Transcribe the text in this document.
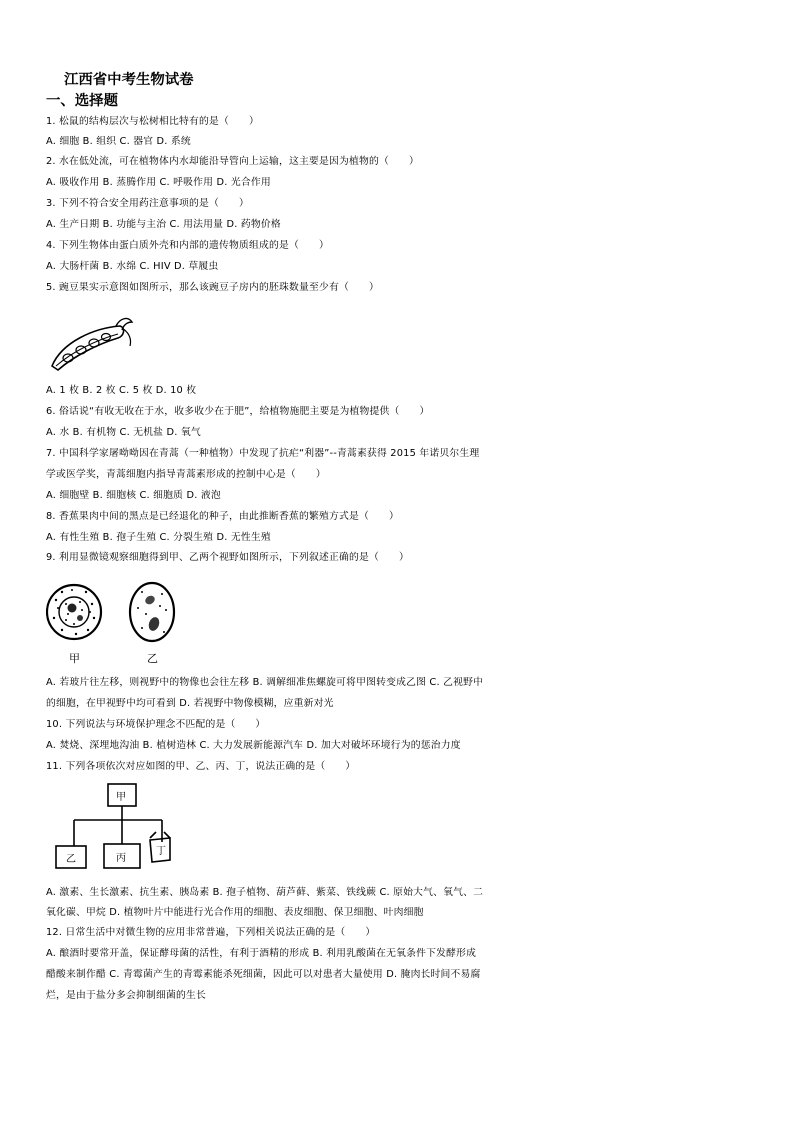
江西省中考生物试卷
一、选择题
1. 松鼠的结构层次与松树相比特有的是（　　）
A. 细胞 B. 组织 C. 器官 D. 系统
2. 水在低处流，可在植物体内水却能沿导管向上运输，这主要是因为植物的（　　）
A. 吸收作用 B. 蒸腾作用 C. 呼吸作用 D. 光合作用
3. 下列不符合安全用药注意事项的是（　　）
A. 生产日期 B. 功能与主治 C. 用法用量 D. 药物价格
4. 下列生物体由蛋白质外壳和内部的遗传物质组成的是（　　）
A. 大肠杆菌 B. 水绵 C. HIV D. 草履虫
5. 豌豆果实示意图如图所示，那么该豌豆子房内的胚珠数量至少有（　　）
A. 1 枚 B. 2 枚 C. 5 枚 D. 10 枚
6. 俗话说“有收无收在于水，收多收少在于肥”，给植物施肥主要是为植物提供（　　）
A. 水 B. 有机物 C. 无机盐 D. 氧气
7. 中国科学家屠呦呦因在青蒿（一种植物）中发现了抗疟“利器”--青蒿素获得 2015 年诺贝尔生理
学或医学奖，青蒿细胞内指导青蒿素形成的控制中心是（　　）
A. 细胞壁 B. 细胞核 C. 细胞质 D. 液泡
8. 香蕉果肉中间的黑点是已经退化的种子，由此推断香蕉的繁殖方式是（　　）
A. 有性生殖 B. 孢子生殖 C. 分裂生殖 D. 无性生殖
9. 利用显微镜观察细胞得到甲、乙两个视野如图所示，下列叙述正确的是（　　）
甲	乙
A. 若玻片往左移，则视野中的物像也会往左移 B. 调解细准焦螺旋可将甲图转变成乙图 C. 乙视野中
的细胞，在甲视野中均可看到 D. 若视野中物像模糊，应重新对光
10. 下列说法与环境保护理念不匹配的是（　　）
A. 焚烧、深埋地沟油 B. 植树造林 C. 大力发展新能源汽车 D. 加大对破坏环境行为的惩治力度
11. 下列各项依次对应如图的甲、乙、丙、丁，说法正确的是（　　）
甲
乙	丙
丁
A. 激素、生长激素、抗生素、胰岛素 B. 孢子植物、葫芦藓、紫菜、铁线蕨 C. 原始大气、氧气、二
氧化碳、甲烷 D. 植物叶片中能进行光合作用的细胞、表皮细胞、保卫细胞、叶肉细胞
12. 日常生活中对微生物的应用非常普遍，下列相关说法正确的是（　　）
A. 酿酒时要常开盖，保证酵母菌的活性，有利于酒精的形成 B. 利用乳酸菌在无氧条件下发酵形成
醋酸来制作醋 C. 青霉菌产生的青霉素能杀死细菌，因此可以对患者大量使用 D. 腌肉长时间不易腐
烂，是由于盐分多会抑制细菌的生长
